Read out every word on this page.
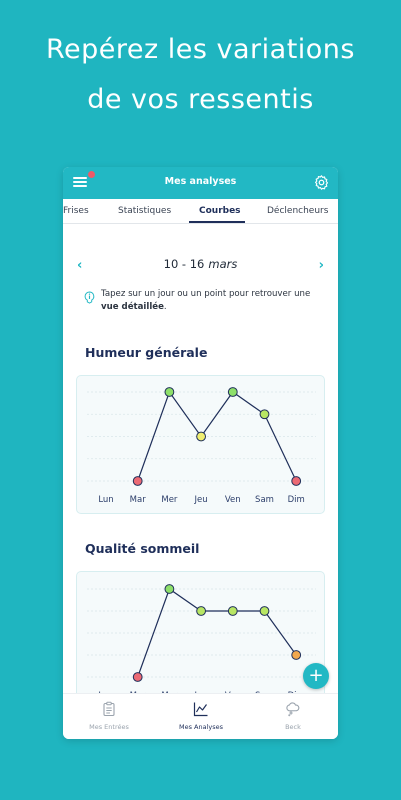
Repérez les variations
de vos ressentis
Mes analyses
Frises	Statistiques	Courbes	Déclencheurs
‹	10 - 16 mars	›
Tapez sur un jour ou un point pour retrouver une vue détaillée.
Humeur générale
Lun Mar Mer Jeu Ven Sam Dim
Qualité sommeil
+
Mes Entrées	Mes Analyses	Beck
